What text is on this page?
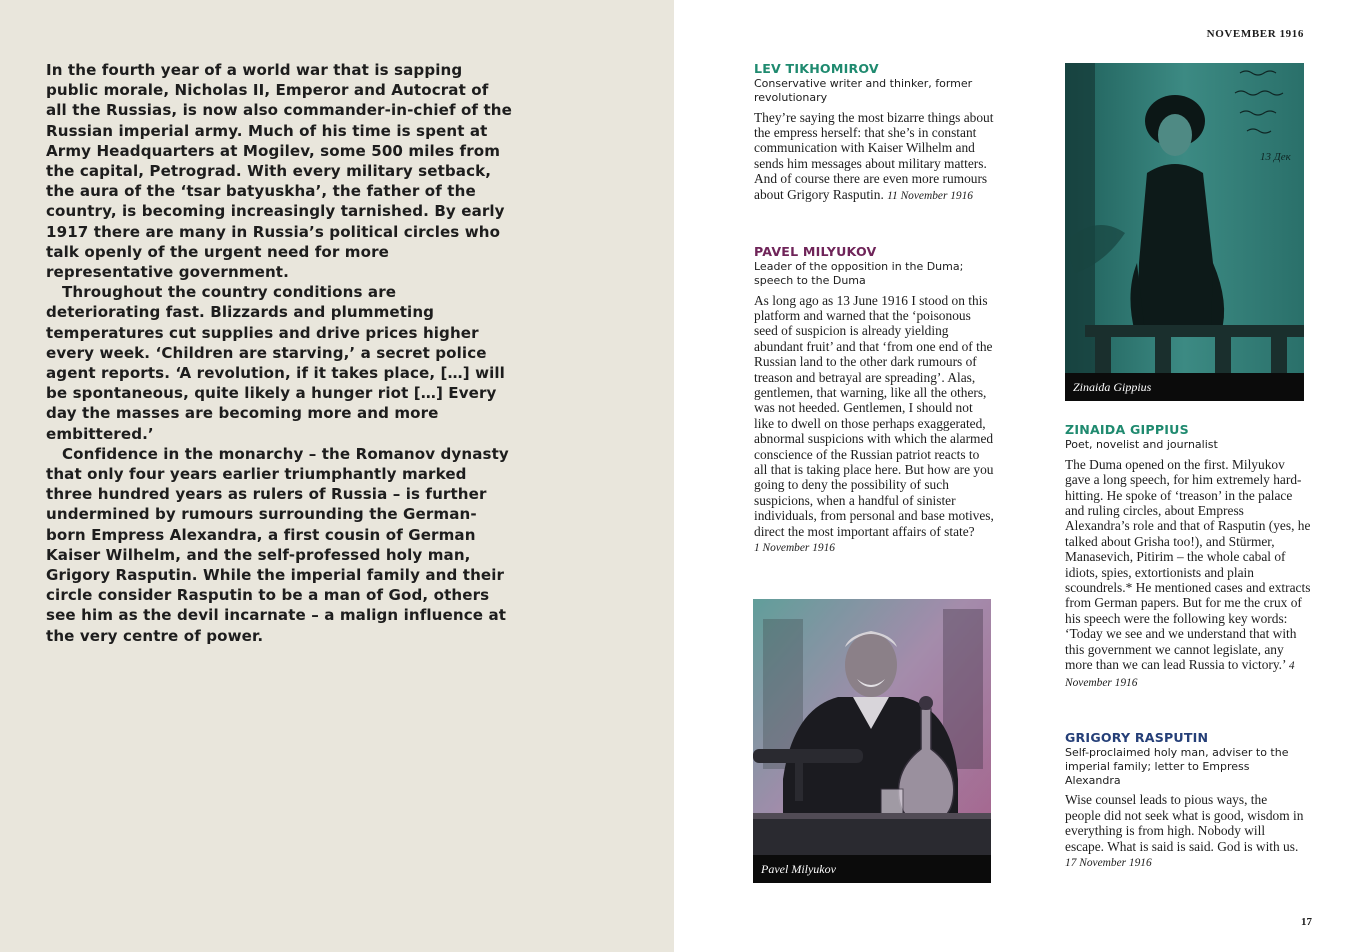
In the fourth year of a world war that is sapping public morale, Nicholas II, Emperor and Autocrat of all the Russias, is now also commander-in-chief of the Russian imperial army. Much of his time is spent at Army Headquarters at Mogilev, some 500 miles from the capital, Petrograd. With every military setback, the aura of the ‘tsar batyuskha’, the father of the country, is becoming increasingly tarnished. By early 1917 there are many in Russia’s political circles who talk openly of the urgent need for more representative government.

Throughout the country conditions are deteriorating fast. Blizzards and plummeting temperatures cut supplies and drive prices higher every week. ‘Children are starving,’ a secret police agent reports. ‘A revolution, if it takes place, […] will be spontaneous, quite likely a hunger riot […] Every day the masses are becoming more and more embittered.’

Confidence in the monarchy – the Romanov dynasty that only four years earlier triumphantly marked three hundred years as rulers of Russia – is further undermined by rumours surrounding the German-born Empress Alexandra, a first cousin of German Kaiser Wilhelm, and the self-professed holy man, Grigory Rasputin. While the imperial family and their circle consider Rasputin to be a man of God, others see him as the devil incarnate – a malign influence at the very centre of power.

NOVEMBER 1916
LEV TIKHOMIROV
Conservative writer and thinker, former revolutionary
They’re saying the most bizarre things about the empress herself: that she’s in constant communication with Kaiser Wilhelm and sends him messages about military matters. And of course there are even more rumours about Grigory Rasputin. 11 November 1916
PAVEL MILYUKOV
Leader of the opposition in the Duma; speech to the Duma
As long ago as 13 June 1916 I stood on this platform and warned that the ‘poisonous seed of suspicion is already yielding abundant fruit’ and that ‘from one end of the Russian land to the other dark rumours of treason and betrayal are spreading’. Alas, gentlemen, that warning, like all the others, was not heeded. Gentlemen, I should not like to dwell on those perhaps exaggerated, abnormal suspicions with which the alarmed conscience of the Russian patriot reacts to all that is taking place here. But how are you going to deny the possibility of such suspicions, when a handful of sinister individuals, from personal and base motives, direct the most important affairs of state?
1 November 1916
Pavel Milyukov
13 Дек
Zinaida Gippius
ZINAIDA GIPPIUS
Poet, novelist and journalist
The Duma opened on the first. Milyukov gave a long speech, for him extremely hard-hitting. He spoke of ‘treason’ in the palace and ruling circles, about Empress Alexandra’s role and that of Rasputin (yes, he talked about Grisha too!), and Stürmer, Manasevich, Pitirim – the whole cabal of idiots, spies, extortionists and plain scoundrels.* He mentioned cases and extracts from German papers. But for me the crux of his speech were the following key words: ‘Today we see and we understand that with this government we cannot legislate, any more than we can lead Russia to victory.’ 4 November 1916
GRIGORY RASPUTIN
Self-proclaimed holy man, adviser to the imperial family; letter to Empress Alexandra
Wise counsel leads to pious ways, the people did not seek what is good, wisdom in everything is from high. Nobody will escape. What is said is said. God is with us. 17 November 1916
17
